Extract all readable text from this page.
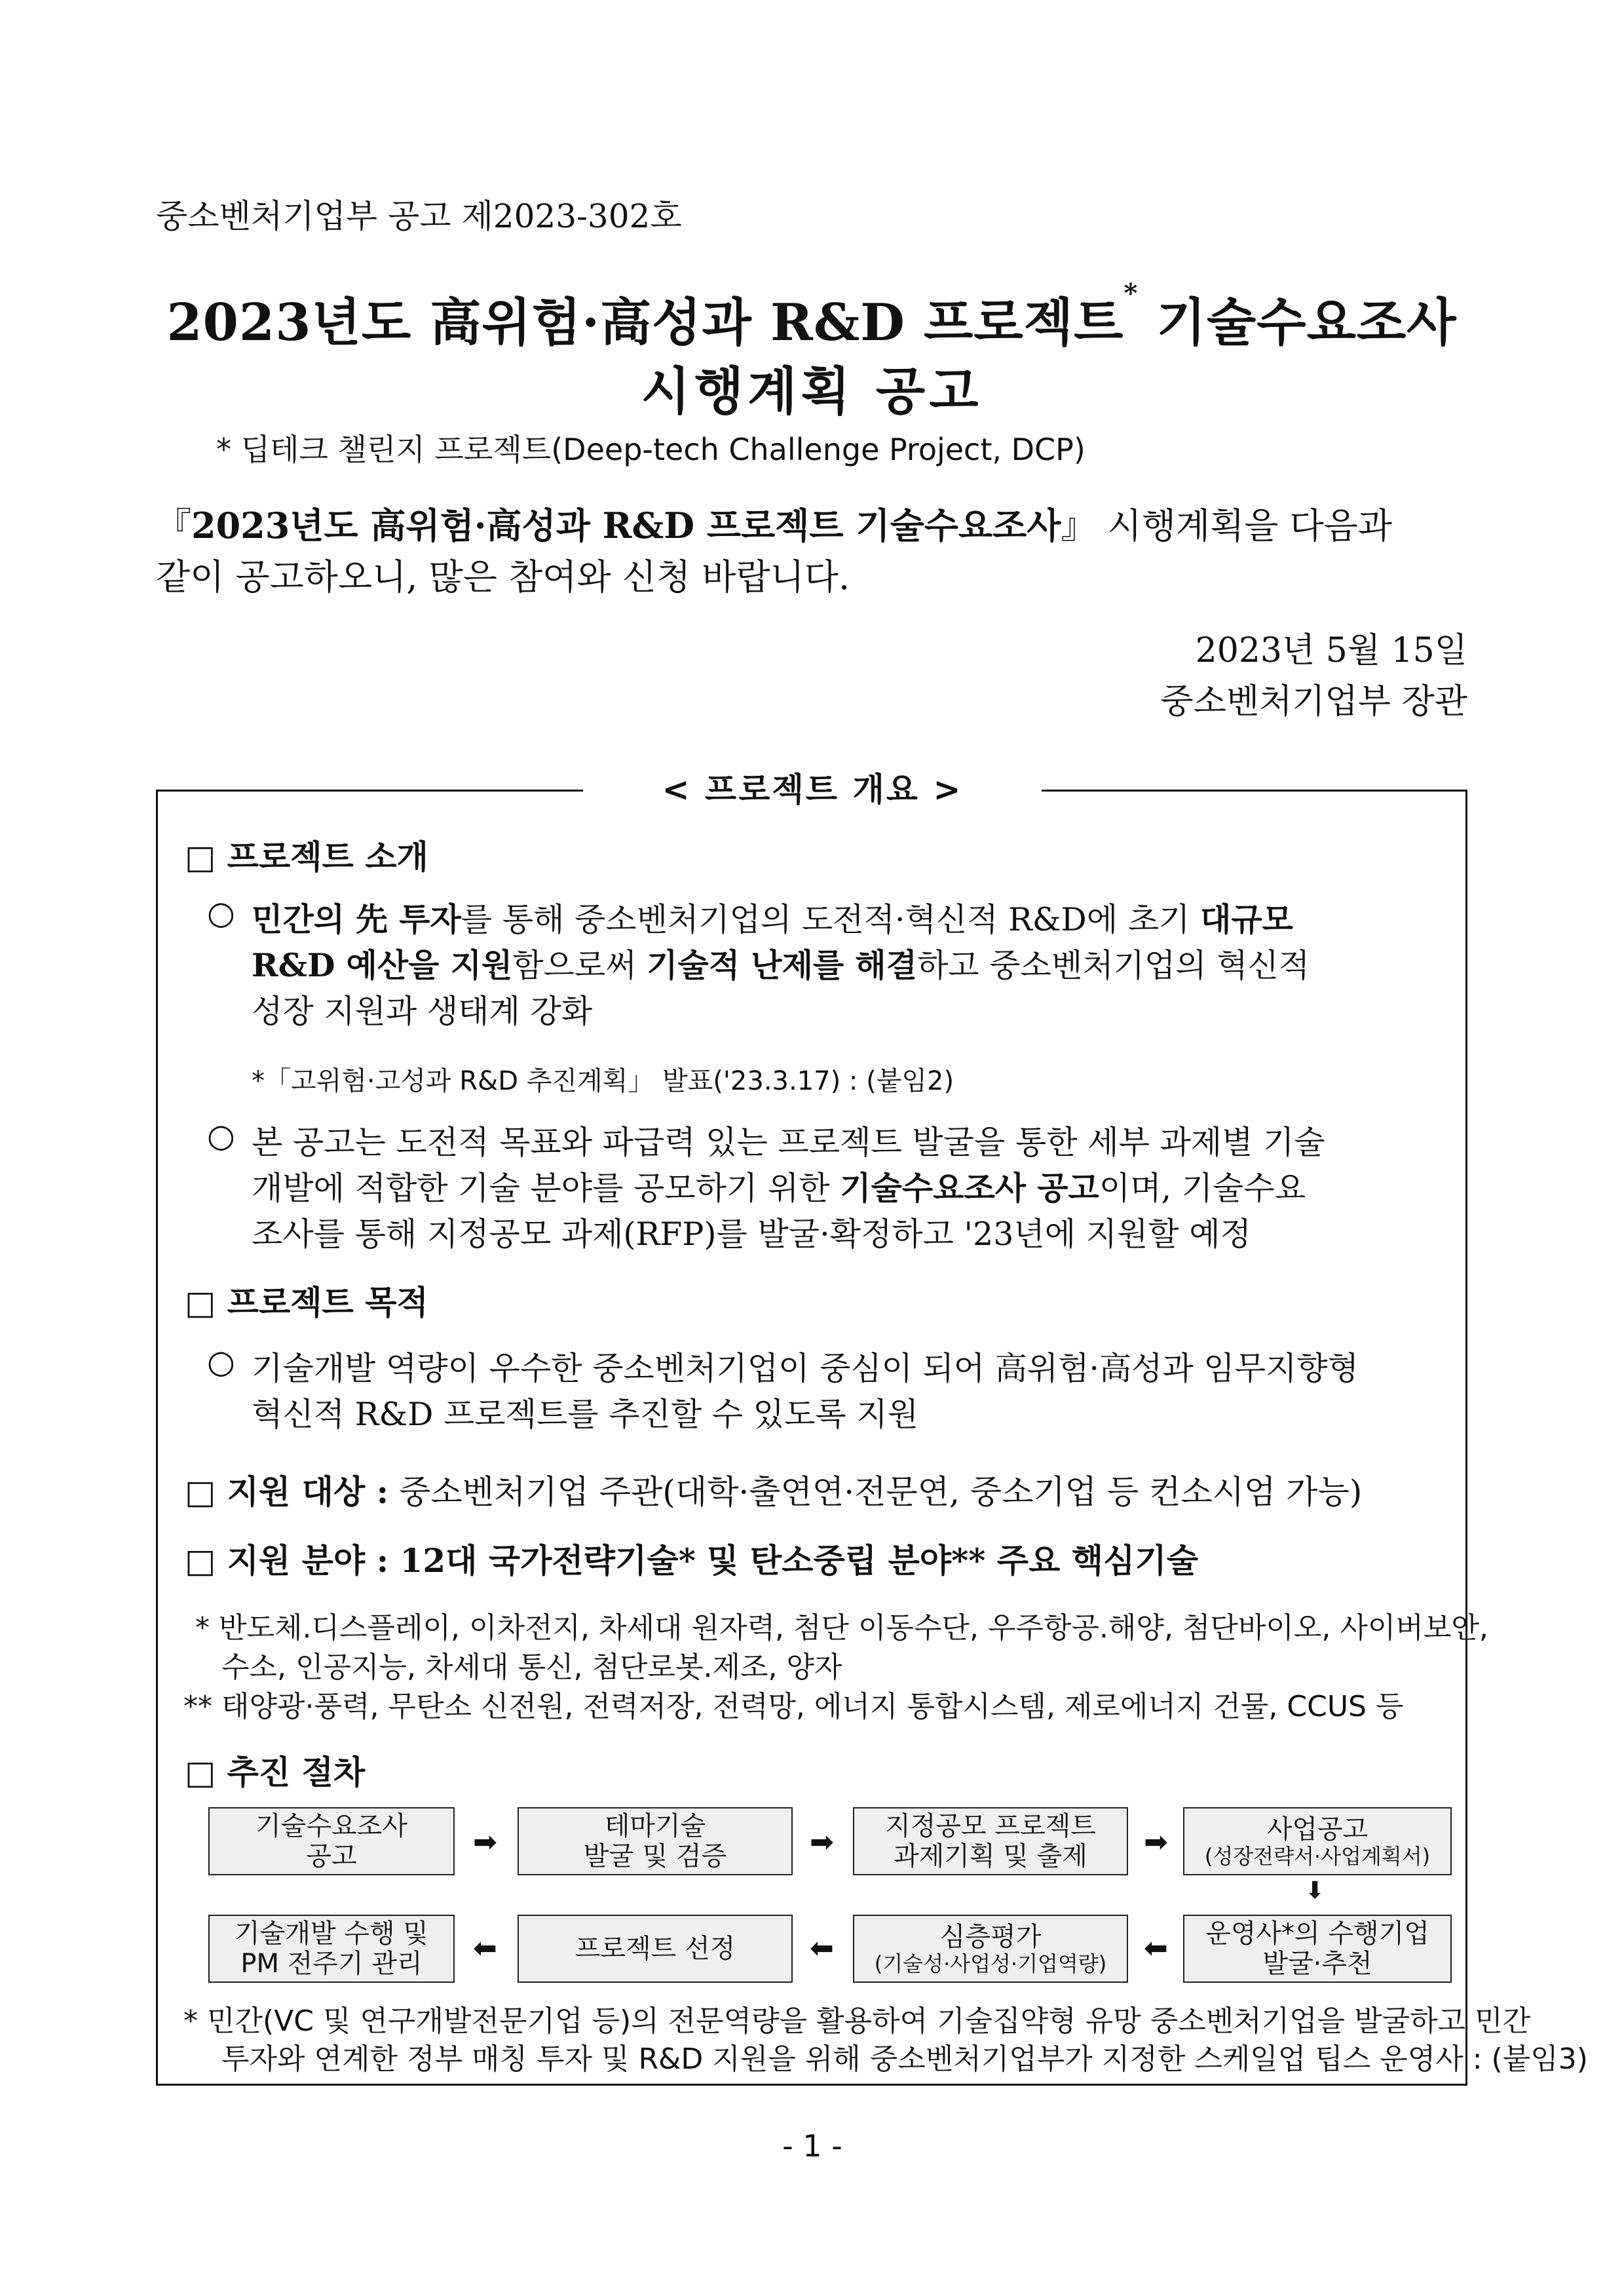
중소벤처기업부 공고 제2023-302호
2023년도 高위험·高성과 R&D 프로젝트* 기술수요조사
시행계획 공고
* 딥테크 챌린지 프로젝트(Deep-tech Challenge Project, DCP)
『2023년도 高위험·高성과 R&D 프로젝트 기술수요조사』 시행계획을 다음과
같이 공고하오니, 많은 참여와 신청 바랍니다.
2023년 5월 15일
중소벤처기업부 장관
< 프로젝트 개요 >
□ 프로젝트 소개
○ 민간의 先 투자를 통해 중소벤처기업의 도전적·혁신적 R&D에 초기 대규모
R&D 예산을 지원함으로써 기술적 난제를 해결하고 중소벤처기업의 혁신적
성장 지원과 생태계 강화
*「고위험·고성과 R&D 추진계획」 발표('23.3.17) : (붙임2)
○ 본 공고는 도전적 목표와 파급력 있는 프로젝트 발굴을 통한 세부 과제별 기술
개발에 적합한 기술 분야를 공모하기 위한 기술수요조사 공고이며, 기술수요
조사를 통해 지정공모 과제(RFP)를 발굴·확정하고 '23년에 지원할 예정
□ 프로젝트 목적
○ 기술개발 역량이 우수한 중소벤처기업이 중심이 되어 高위험·高성과 임무지향형
혁신적 R&D 프로젝트를 추진할 수 있도록 지원
□ 지원 대상 : 중소벤처기업 주관(대학·출연연·전문연, 중소기업 등 컨소시엄 가능)
□ 지원 분야 : 12대 국가전략기술* 및 탄소중립 분야** 주요 핵심기술
* 반도체.디스플레이, 이차전지, 차세대 원자력, 첨단 이동수단, 우주항공.해양, 첨단바이오, 사이버보안,
수소, 인공지능, 차세대 통신, 첨단로봇.제조, 양자
** 태양광·풍력, 무탄소 신전원, 전력저장, 전력망, 에너지 통합시스템, 제로에너지 건물, CCUS 등
□ 추진 절차
기술수요조사
공고	➡	테마기술
발굴 및 검증	➡ 지정공모 프로젝트
과제기획 및 출제 ➡	사업공고
(성장전략서·사업계획서)
⬇
기술개발 수행 및
PM 전주기 관리 ⬅	프로젝트 선정	⬅	심층평가
(기술성·사업성·기업역량) ⬅ 운영사*의 수행기업
발굴·추천
* 민간(VC 및 연구개발전문기업 등)의 전문역량을 활용하여 기술집약형 유망 중소벤처기업을 발굴하고 민간
투자와 연계한 정부 매칭 투자 및 R&D 지원을 위해 중소벤처기업부가 지정한 스케일업 팁스 운영사 : (붙임3)
- 1 -
